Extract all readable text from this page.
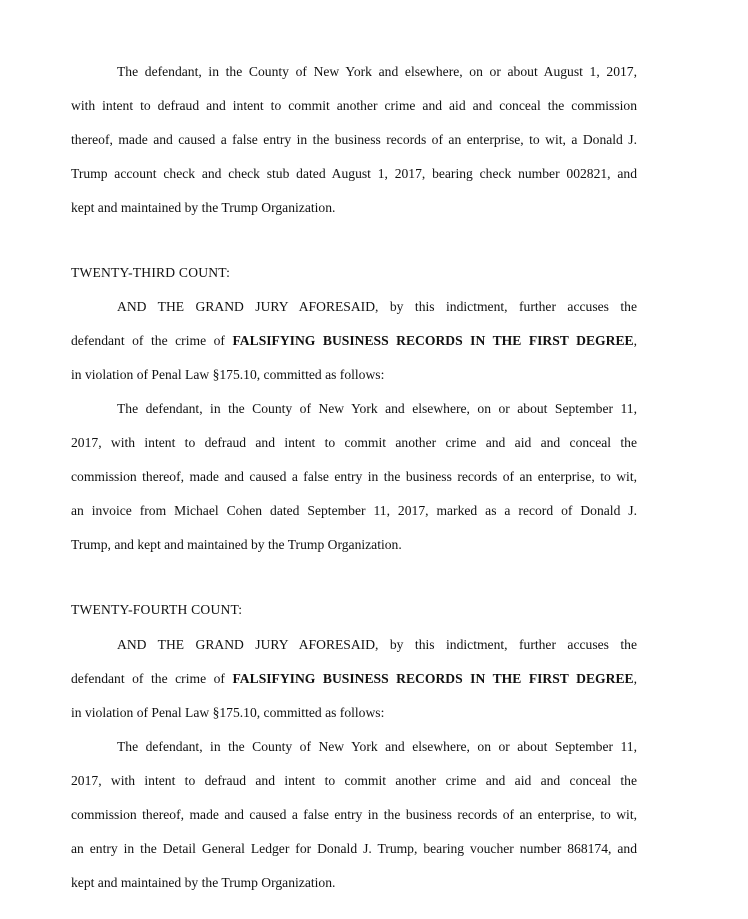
The defendant, in the County of New York and elsewhere, on or about August 1, 2017,
with intent to defraud and intent to commit another crime and aid and conceal the commission
thereof, made and caused a false entry in the business records of an enterprise, to wit, a Donald J.
Trump account check and check stub dated August 1, 2017, bearing check number 002821, and
kept and maintained by the Trump Organization.
TWENTY-THIRD COUNT:
AND THE GRAND JURY AFORESAID, by this indictment, further accuses the
defendant of the crime of FALSIFYING BUSINESS RECORDS IN THE FIRST DEGREE,
in violation of Penal Law §175.10, committed as follows:
The defendant, in the County of New York and elsewhere, on or about September 11,
2017, with intent to defraud and intent to commit another crime and aid and conceal the
commission thereof, made and caused a false entry in the business records of an enterprise, to wit,
an invoice from Michael Cohen dated September 11, 2017, marked as a record of Donald J.
Trump, and kept and maintained by the Trump Organization.
TWENTY-FOURTH COUNT:
AND THE GRAND JURY AFORESAID, by this indictment, further accuses the
defendant of the crime of FALSIFYING BUSINESS RECORDS IN THE FIRST DEGREE,
in violation of Penal Law §175.10, committed as follows:
The defendant, in the County of New York and elsewhere, on or about September 11,
2017, with intent to defraud and intent to commit another crime and aid and conceal the
commission thereof, made and caused a false entry in the business records of an enterprise, to wit,
an entry in the Detail General Ledger for Donald J. Trump, bearing voucher number 868174, and
kept and maintained by the Trump Organization.
